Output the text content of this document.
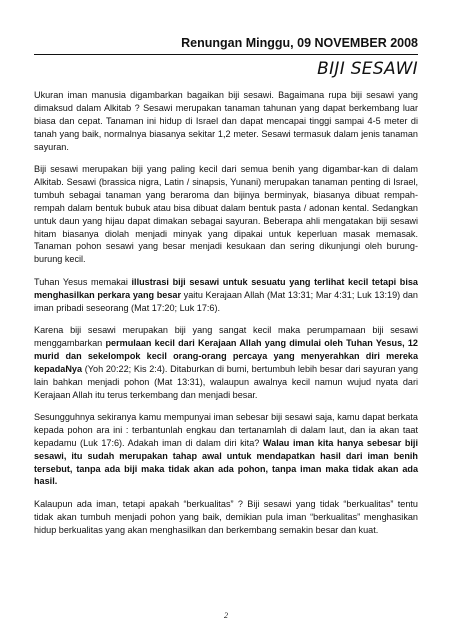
Renungan Minggu, 09 NOVEMBER 2008
BIJI SESAWI

Ukuran iman manusia digambarkan bagaikan biji sesawi. Bagaimana rupa biji sesawi yang dimaksud dalam Alkitab ? Sesawi merupakan tanaman tahunan yang dapat berkembang luar biasa dan cepat. Tanaman ini hidup di Israel dan dapat mencapai tinggi sampai 4-5 meter di tanah yang baik, normalnya biasanya sekitar 1,2 meter. Sesawi termasuk dalam jenis tanaman sayuran.

Biji sesawi merupakan biji yang paling kecil dari semua benih yang digambar-kan di dalam Alkitab. Sesawi (brassica nigra, Latin / sinapsis, Yunani) merupakan tanaman penting di Israel, tumbuh sebagai tanaman yang beraroma dan bijinya berminyak, biasanya dibuat rempah-rempah dalam bentuk bubuk atau bisa dibuat dalam bentuk pasta / adonan kental. Sedangkan untuk daun yang hijau dapat dimakan sebagai sayuran. Beberapa ahli mengatakan biji sesawi hitam biasanya diolah menjadi minyak yang dipakai untuk keperluan masak memasak. Tanaman pohon sesawi yang besar menjadi kesukaan dan sering dikunjungi oleh burung-burung kecil.

Tuhan Yesus memakai illustrasi biji sesawi untuk sesuatu yang terlihat kecil tetapi bisa menghasilkan perkara yang besar yaitu Kerajaan Allah (Mat 13:31; Mar 4:31; Luk 13:19) dan iman pribadi seseorang (Mat 17:20; Luk 17:6).

Karena biji sesawi merupakan biji yang sangat kecil maka perumpamaan biji sesawi menggambarkan permulaan kecil dari Kerajaan Allah yang dimulai oleh Tuhan Yesus, 12 murid dan sekelompok kecil orang-orang percaya yang menyerahkan diri mereka kepadaNya (Yoh 20:22; Kis 2:4). Ditaburkan di bumi, bertumbuh lebih besar dari sayuran yang lain bahkan menjadi pohon (Mat 13:31), walaupun awalnya kecil namun wujud nyata dari Kerajaan Allah itu terus terkembang dan menjadi besar.

Sesungguhnya sekiranya kamu mempunyai iman sebesar biji sesawi saja, kamu dapat berkata kepada pohon ara ini : terbantunlah engkau dan tertanamlah di dalam laut, dan ia akan taat kepadamu (Luk 17:6). Adakah iman di dalam diri kita? Walau iman kita hanya sebesar biji sesawi, itu sudah merupakan tahap awal untuk mendapatkan hasil dari iman benih tersebut, tanpa ada biji maka tidak akan ada pohon, tanpa iman maka tidak akan ada hasil.

Kalaupun ada iman, tetapi apakah “berkualitas” ? Biji sesawi yang tidak “berkualitas” tentu tidak akan tumbuh menjadi pohon yang baik, demikian pula iman “berkualitas” menghasikan hidup berkualitas yang akan menghasilkan dan berkembang semakin besar dan kuat.

2
